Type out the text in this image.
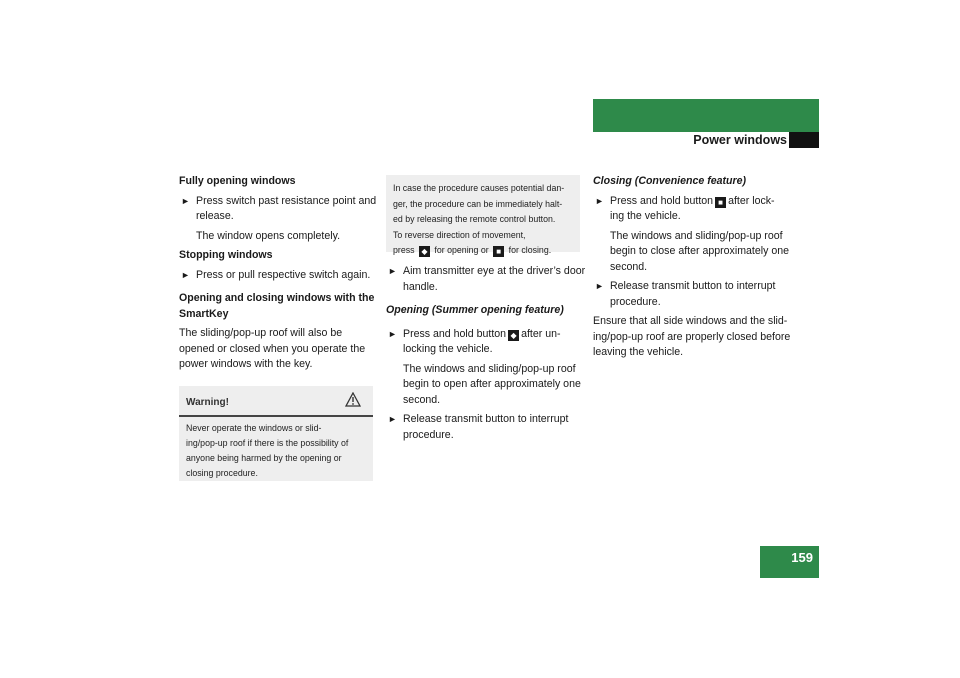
Controls in detail
Power windows

Fully opening windows

► Press switch past resistance point and

release.

The window opens completely.

Stopping windows

► Press or pull respective switch again.

Opening and closing windows with the

SmartKey

The sliding/pop-up roof will also be

opened or closed when you operate the

power windows with the key.

Warning!
Never operate the windows or slid-
ing/pop-up roof if there is the possibility of
anyone being harmed by the opening or
closing procedure.
In case the procedure causes potential dan-
ger, the procedure can be immediately halt-
ed by releasing the remote control button.
To reverse direction of movement,
press ◆ for opening or ■ for closing.
► Aim transmitter eye at the driver’s door

handle.

Opening (Summer opening feature)

► Press and hold button ◆ after un-

locking the vehicle.

The windows and sliding/pop-up roof

begin to open after approximately one

second.

► Release transmit button to interrupt

procedure.

Closing (Convenience feature)

► Press and hold button ■ after lock-

ing the vehicle.

The windows and sliding/pop-up roof

begin to close after approximately one

second.

► Release transmit button to interrupt

procedure.

Ensure that all side windows and the slid-

ing/pop-up roof are properly closed before

leaving the vehicle.

159
